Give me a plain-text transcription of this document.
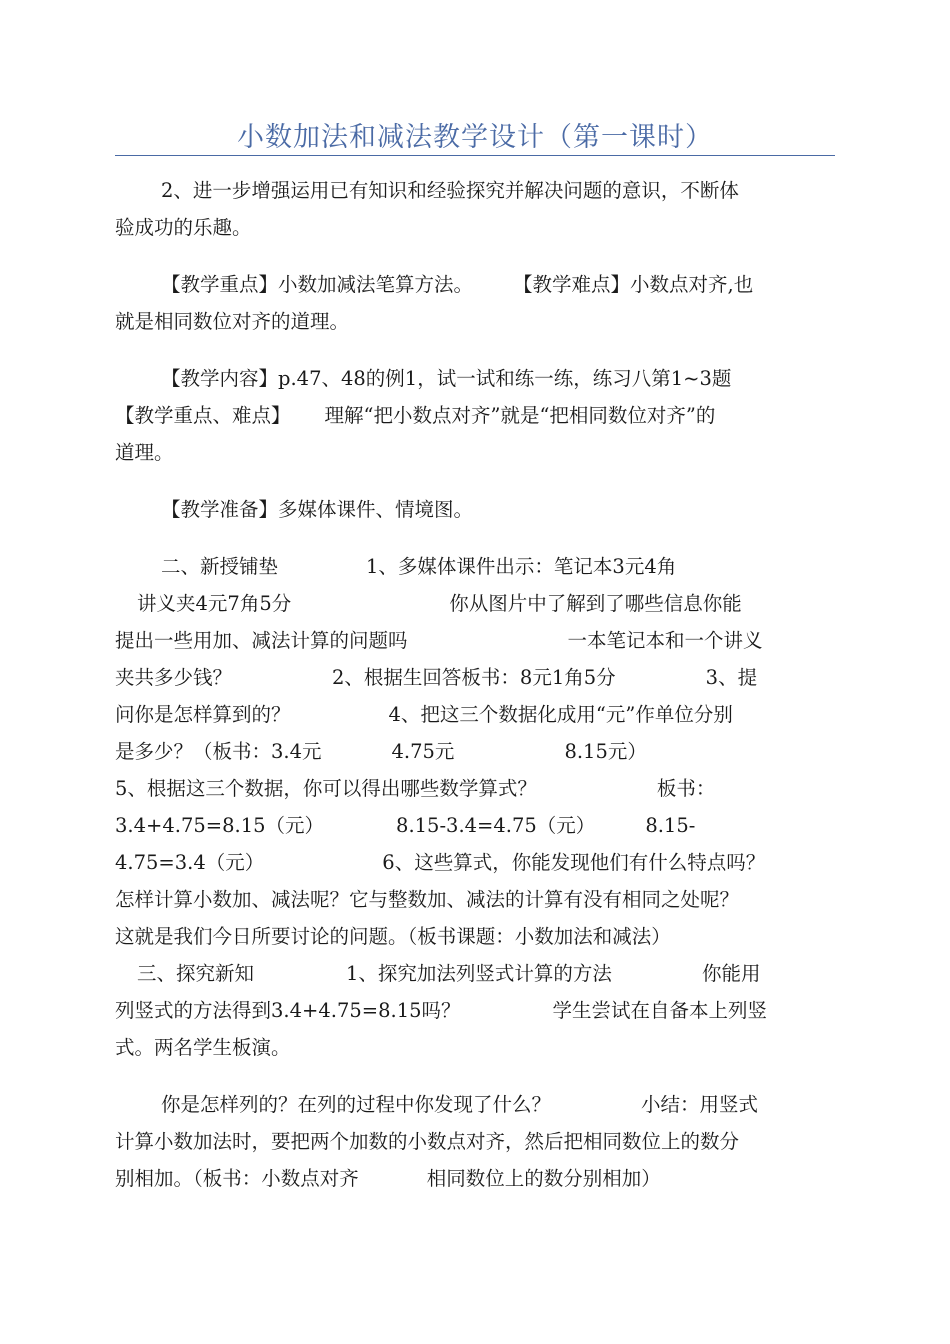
小数加法和减法教学设计（第一课时）
2、进一步增强运用已有知识和经验探究并解决问题的意识，不断体
验成功的乐趣。
【教学重点】小数加减法笔算方法。 【教学难点】小数点对齐,也
就是相同数位对齐的道理。
【教学内容】p.47、48的例1，试一试和练一练，练习八第1~3题
【教学重点、难点】 理解“把小数点对齐”就是“把相同数位对齐”的
道理。
【教学准备】多媒体课件、情境图。
二、新授铺垫	1、多媒体课件出示：笔记本3元4角
讲义夹4元7角5分	你从图片中了解到了哪些信息你能
提出一些用加、减法计算的问题吗	一本笔记本和一个讲义
夹共多少钱？	2、根据生回答板书：8元1角5分	3、提
问你是怎样算到的？	4、把这三个数据化成用“元”作单位分别
是多少？（板书：3.4元	4.75元	8.15元）
5、根据这三个数据，你可以得出哪些数学算式？	板书：
3.4+4.75=8.15（元）	8.15-3.4=4.75（元）	8.15-
4.75=3.4（元）	6、这些算式，你能发现他们有什么特点吗？
怎样计算小数加、减法呢？它与整数加、减法的计算有没有相同之处呢？
这就是我们今日所要讨论的问题。（板书课题：小数加法和减法）
三、探究新知	1、探究加法列竖式计算的方法	你能用
列竖式的方法得到3.4+4.75=8.15吗？	学生尝试在自备本上列竖
式。两名学生板演。
你是怎样列的？在列的过程中你发现了什么？	小结：用竖式
计算小数加法时，要把两个加数的小数点对齐，然后把相同数位上的数分
别相加。（板书：小数点对齐	相同数位上的数分别相加）
